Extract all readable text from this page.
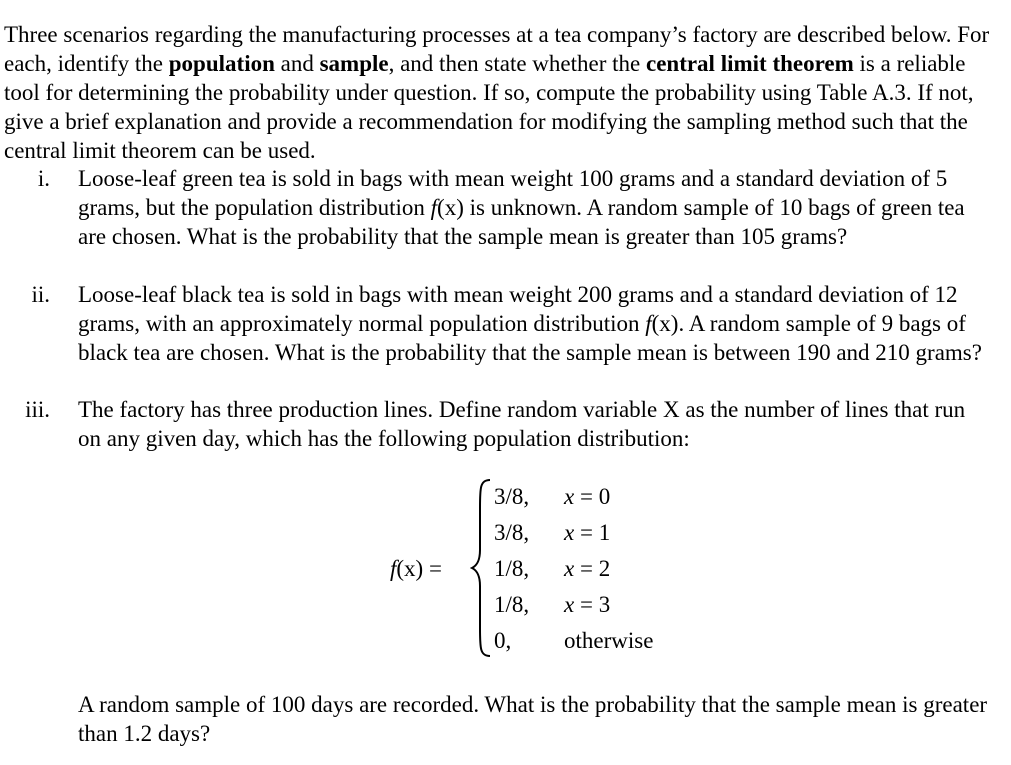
Three scenarios regarding the manufacturing processes at a tea company’s factory are described below. For each, identify the population and sample, and then state whether the central limit theorem is a reliable tool for determining the probability under question. If so, compute the probability using Table A.3. If not, give a brief explanation and provide a recommendation for modifying the sampling method such that the central limit theorem can be used.

i. Loose-leaf green tea is sold in bags with mean weight 100 grams and a standard deviation of 5 grams, but the population distribution f(x) is unknown. A random sample of 10 bags of green tea are chosen. What is the probability that the sample mean is greater than 105 grams?

ii. Loose-leaf black tea is sold in bags with mean weight 200 grams and a standard deviation of 12 grams, with an approximately normal population distribution f(x). A random sample of 9 bags of black tea are chosen. What is the probability that the sample mean is between 190 and 210 grams?

iii. The factory has three production lines. Define random variable X as the number of lines that run on any given day, which has the following population distribution:

f(x) =
3/8, x = 0
3/8, x = 1
1/8, x = 2
1/8, x = 3
0, otherwise

A random sample of 100 days are recorded. What is the probability that the sample mean is greater than 1.2 days?
